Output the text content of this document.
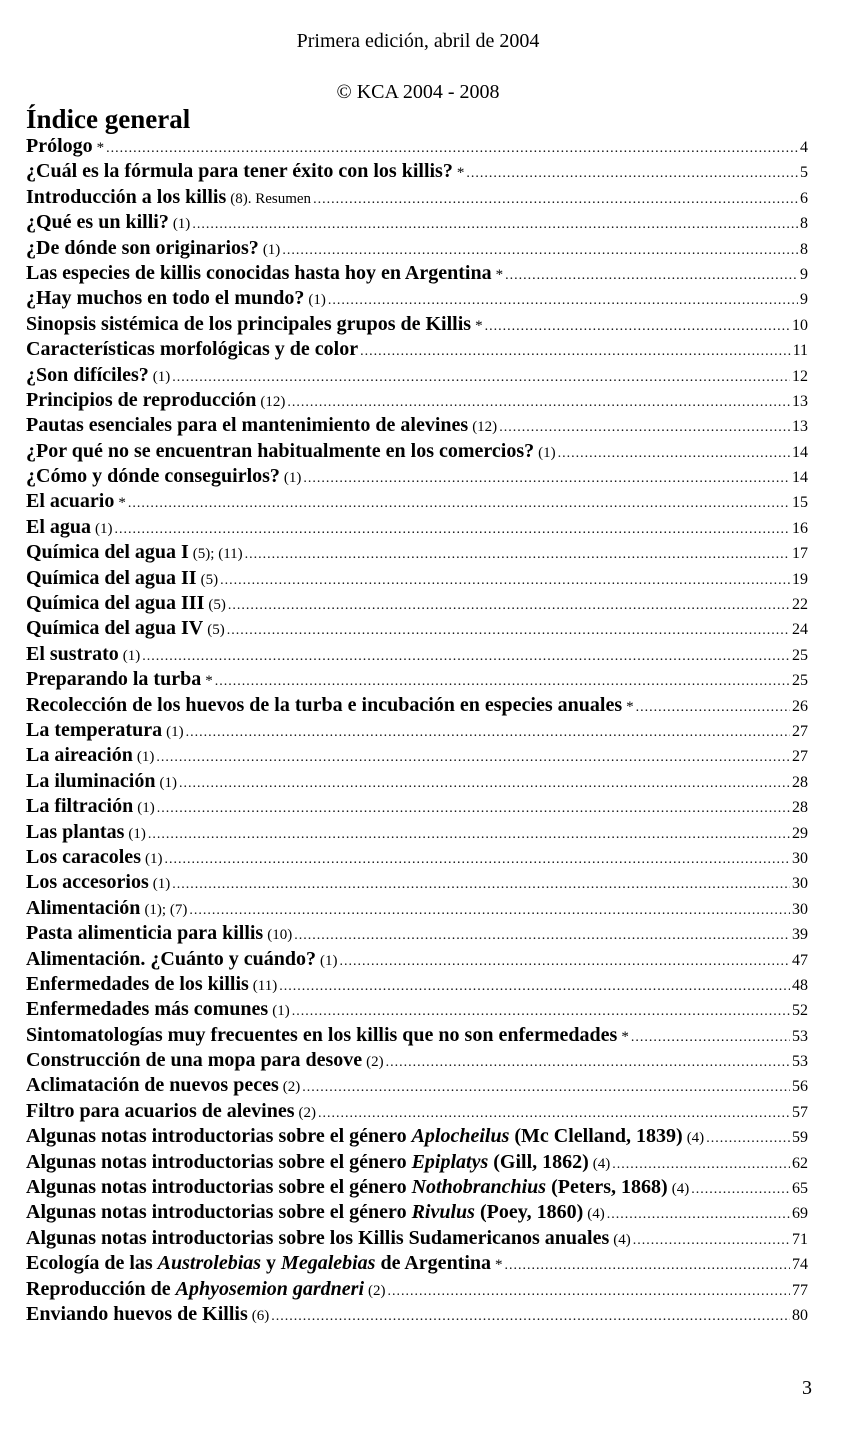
Primera edición, abril de 2004
© KCA 2004 - 2008
Índice general
Prólogo * .....	4
¿Cuál es la fórmula para tener éxito con los killis? * .....	5
Introducción a los killis (8). Resumen .....	6
¿Qué es un killi? (1) .....	8
¿De dónde son originarios? (1) .....	8
Las especies de killis conocidas hasta hoy en Argentina * .....	9
¿Hay muchos en todo el mundo? (1) .....	9
Sinopsis sistémica de los principales grupos de Killis * .....	10
Características morfológicas y de color .....	11
¿Son difíciles? (1) .....	12
Principios de reproducción (12) .....	13
Pautas esenciales para el mantenimiento de alevines (12) .....	13
¿Por qué no se encuentran habitualmente en los comercios? (1) .....	14
¿Cómo y dónde conseguirlos? (1) .....	14
El acuario * .....	15
El agua (1) .....	16
Química del agua I (5); (11) .....	17
Química del agua II (5) .....	19
Química del agua III (5) .....	22
Química del agua IV (5) .....	24
El sustrato (1) .....	25
Preparando la turba * .....	25
Recolección de los huevos de la turba e incubación en especies anuales * .....	26
La temperatura (1) .....	27
La aireación (1) .....	27
La iluminación (1) .....	28
La filtración (1) .....	28
Las plantas (1) .....	29
Los caracoles (1) .....	30
Los accesorios (1) .....	30
Alimentación (1); (7) .....	30
Pasta alimenticia para killis (10) .....	39
Alimentación. ¿Cuánto y cuándo? (1) .....	47
Enfermedades de los killis (11) .....	48
Enfermedades más comunes (1) .....	52
Sintomatologías muy frecuentes en los killis que no son enfermedades * .....	53
Construcción de una mopa para desove (2) .....	53
Aclimatación de nuevos peces (2) .....	56
Filtro para acuarios de alevines (2) .....	57
Algunas notas introductorias sobre el género Aplocheilus (Mc Clelland, 1839) (4) .....	59
Algunas notas introductorias sobre el género Epiplatys (Gill, 1862) (4) .....	62
Algunas notas introductorias sobre el género Nothobranchius (Peters, 1868) (4) .....	65
Algunas notas introductorias sobre el género Rivulus (Poey, 1860) (4) .....	69
Algunas notas introductorias sobre los Killis Sudamericanos anuales (4) .....	71
Ecología de las Austrolebias y Megalebias de Argentina * .....	74
Reproducción de Aphyosemion gardneri (2) .....	77
Enviando huevos de Killis (6) .....	80
3
